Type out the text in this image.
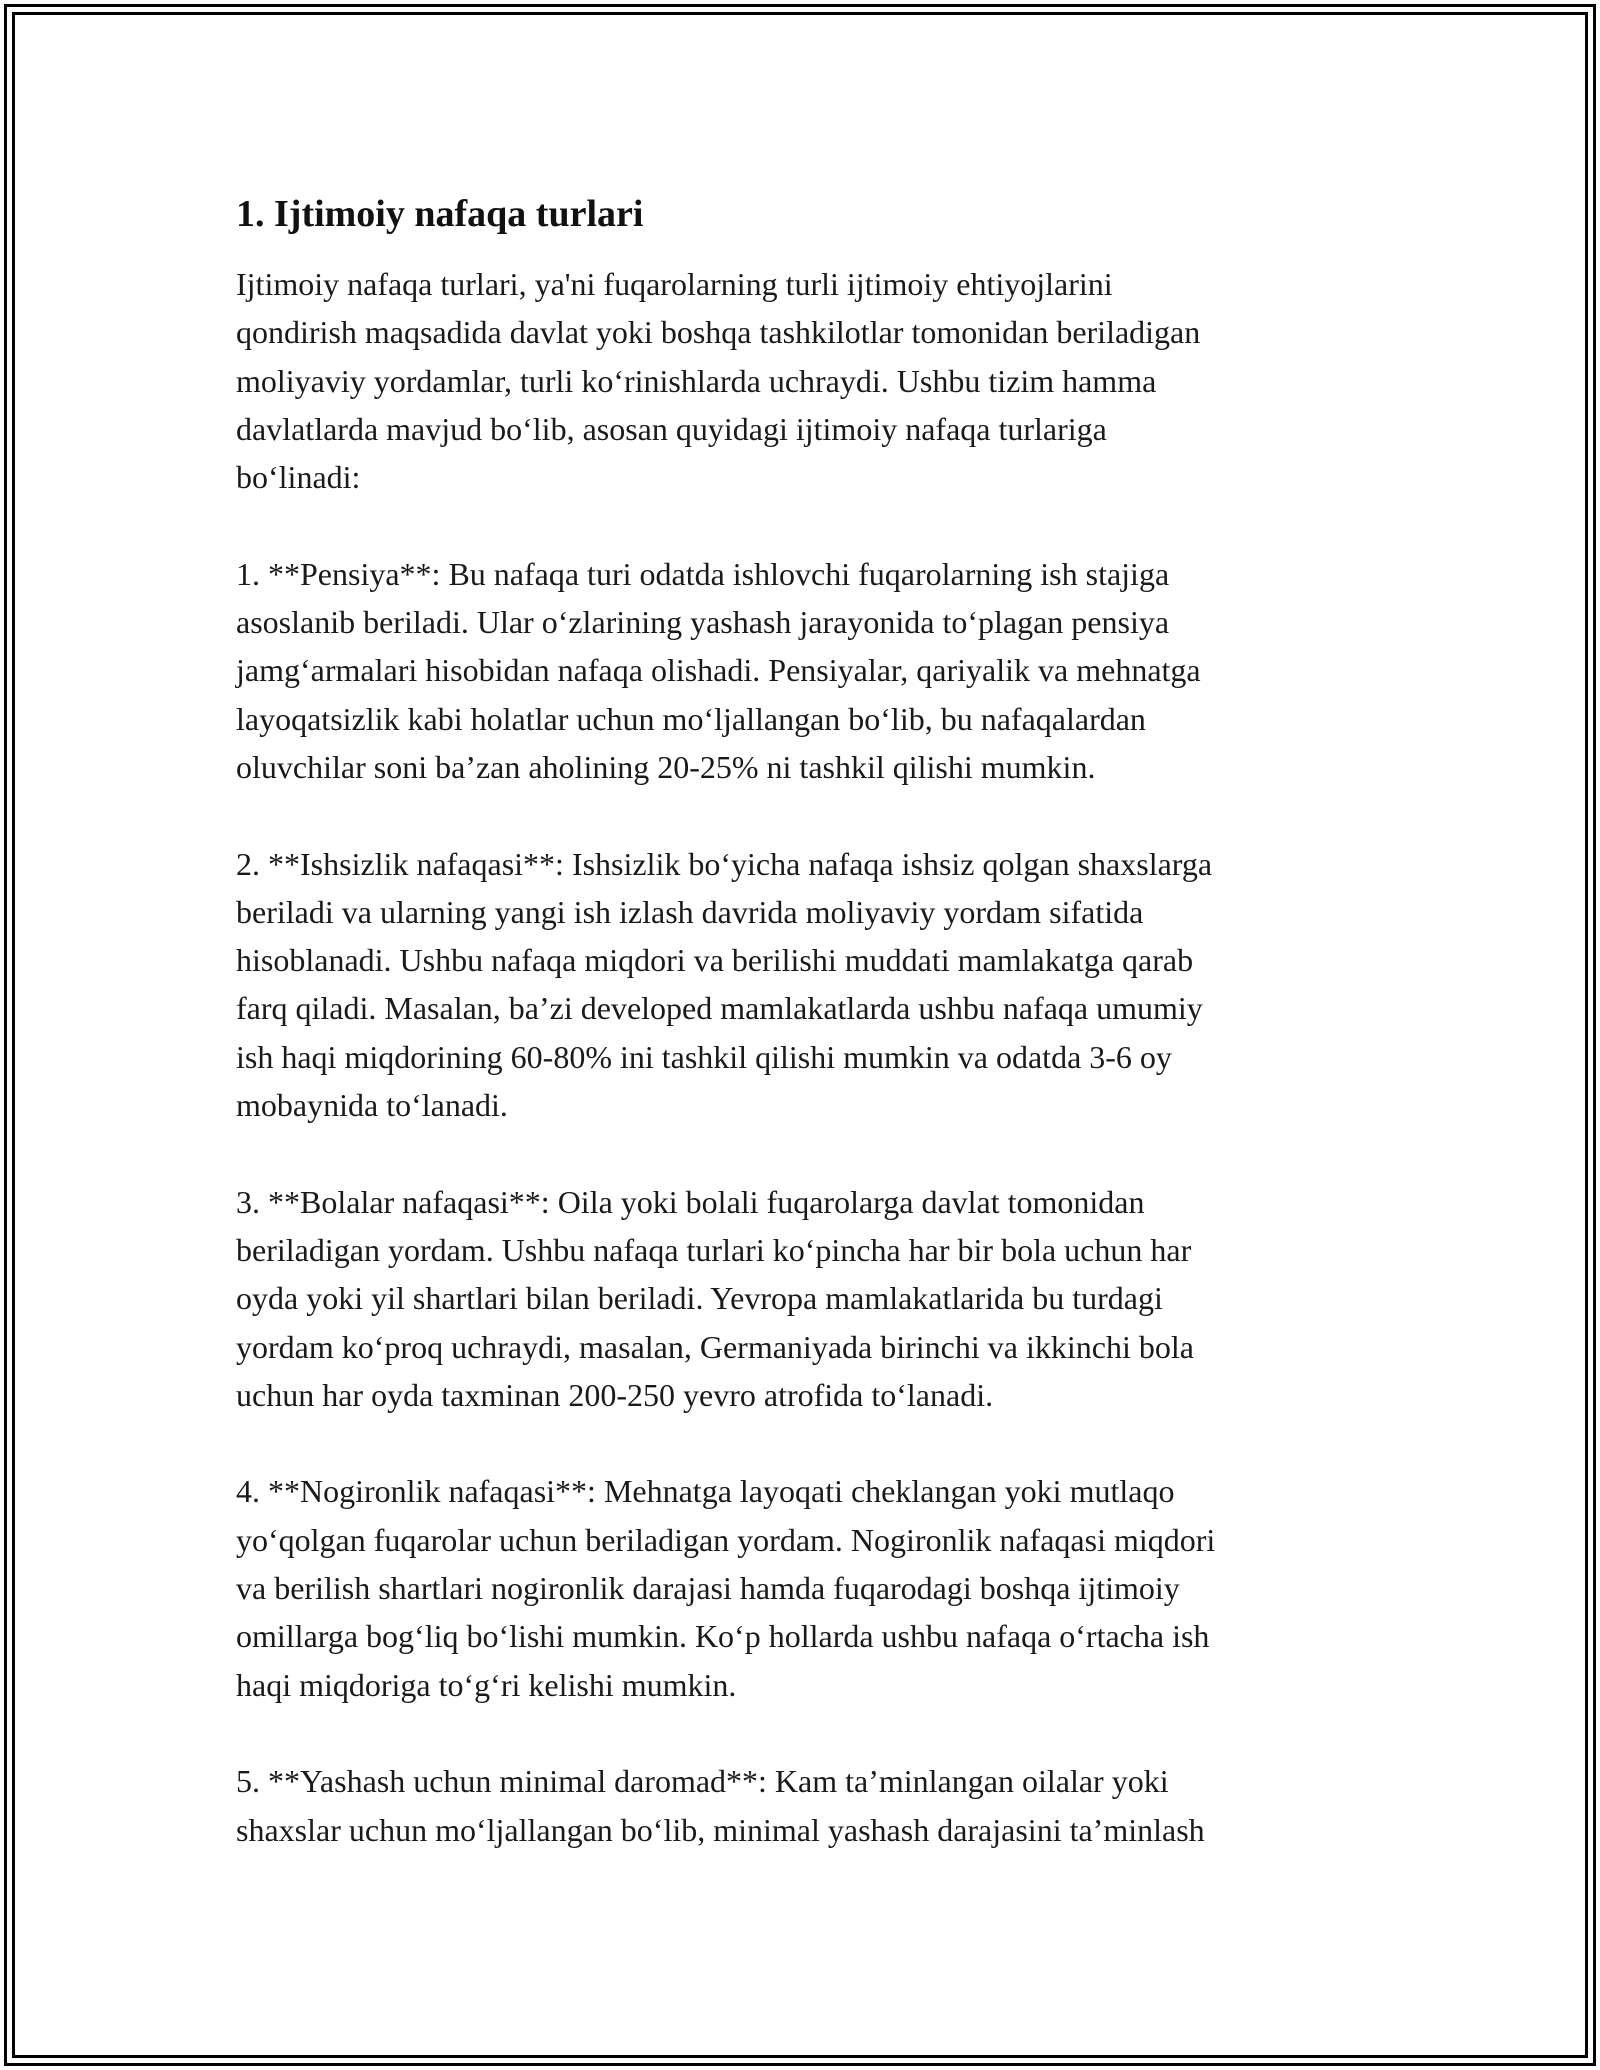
1. Ijtimoiy nafaqa turlari

Ijtimoiy nafaqa turlari, ya'ni fuqarolarning turli ijtimoiy ehtiyojlarini
qondirish maqsadida davlat yoki boshqa tashkilotlar tomonidan beriladigan
moliyaviy yordamlar, turli ko‘rinishlarda uchraydi. Ushbu tizim hamma
davlatlarda mavjud bo‘lib, asosan quyidagi ijtimoiy nafaqa turlariga
bo‘linadi:

1. **Pensiya**: Bu nafaqa turi odatda ishlovchi fuqarolarning ish stajiga
asoslanib beriladi. Ular o‘zlarining yashash jarayonida to‘plagan pensiya
jamg‘armalari hisobidan nafaqa olishadi. Pensiyalar, qariyalik va mehnatga
layoqatsizlik kabi holatlar uchun mo‘ljallangan bo‘lib, bu nafaqalardan
oluvchilar soni ba’zan aholining 20-25% ni tashkil qilishi mumkin.

2. **Ishsizlik nafaqasi**: Ishsizlik bo‘yicha nafaqa ishsiz qolgan shaxslarga
beriladi va ularning yangi ish izlash davrida moliyaviy yordam sifatida
hisoblanadi. Ushbu nafaqa miqdori va berilishi muddati mamlakatga qarab
farq qiladi. Masalan, ba’zi developed mamlakatlarda ushbu nafaqa umumiy
ish haqi miqdorining 60-80% ini tashkil qilishi mumkin va odatda 3-6 oy
mobaynida to‘lanadi.

3. **Bolalar nafaqasi**: Oila yoki bolali fuqarolarga davlat tomonidan
beriladigan yordam. Ushbu nafaqa turlari ko‘pincha har bir bola uchun har
oyda yoki yil shartlari bilan beriladi. Yevropa mamlakatlarida bu turdagi
yordam ko‘proq uchraydi, masalan, Germaniyada birinchi va ikkinchi bola
uchun har oyda taxminan 200-250 yevro atrofida to‘lanadi.

4. **Nogironlik nafaqasi**: Mehnatga layoqati cheklangan yoki mutlaqo
yo‘qolgan fuqarolar uchun beriladigan yordam. Nogironlik nafaqasi miqdori
va berilish shartlari nogironlik darajasi hamda fuqarodagi boshqa ijtimoiy
omillarga bog‘liq bo‘lishi mumkin. Ko‘p hollarda ushbu nafaqa o‘rtacha ish
haqi miqdoriga to‘g‘ri kelishi mumkin.

5. **Yashash uchun minimal daromad**: Kam ta’minlangan oilalar yoki
shaxslar uchun mo‘ljallangan bo‘lib, minimal yashash darajasini ta’minlash
